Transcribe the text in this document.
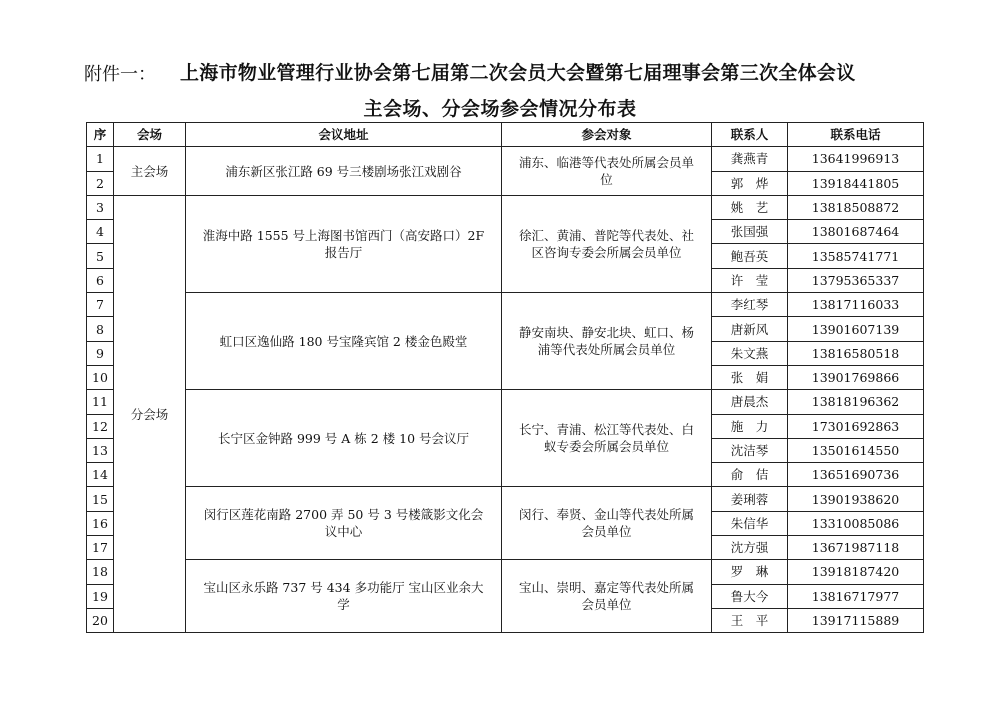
附件一： 上海市物业管理行业协会第七届第二次会员大会暨第七届理事会第三次全体会议
主会场、分会场参会情况分布表
序	会场	会议地址	参会对象	联系人	联系电话
1	主会场	浦东新区张江路 69 号三楼剧场张江戏剧谷	浦东、临港等代表处所属会员单位	龚燕青	13641996913
2				郭　烨	13918441805
3	分会场	淮海中路 1555 号上海图书馆西门（高安路口）2F 报告厅	徐汇、黄浦、普陀等代表处、社区咨询专委会所属会员单位	姚　艺	13818508872
4				张国强	13801687464
5				鲍吾英	13585741771
6				许　莹	13795365337
7		虹口区逸仙路 180 号宝隆宾馆 2 楼金色殿堂	静安南块、静安北块、虹口、杨浦等代表处所属会员单位	李红琴	13817116033
8				唐新风	13901607139
9				朱文燕	13816580518
10				张　娟	13901769866
11		长宁区金钟路 999 号 A 栋 2 楼 10 号会议厅	长宁、青浦、松江等代表处、白蚁专委会所属会员单位	唐晨杰	13818196362
12				施　力	17301692863
13				沈洁琴	13501614550
14				俞　佶	13651690736
15		闵行区莲花南路 2700 弄 50 号 3 号楼箴影文化会议中心	闵行、奉贤、金山等代表处所属会员单位	姜琍蓉	13901938620
16				朱信华	13310085086
17				沈方强	13671987118
18		宝山区永乐路 737 号 434 多功能厅 宝山区业余大学	宝山、崇明、嘉定等代表处所属会员单位	罗　琳	13918187420
19				鲁大今	13816717977
20				王　平	13917115889
